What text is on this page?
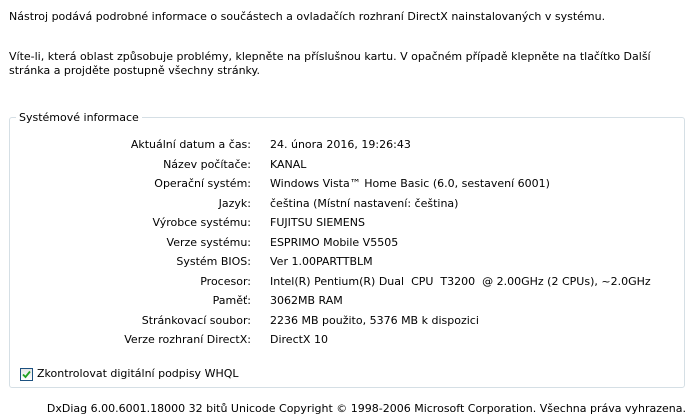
Nástroj podává podrobné informace o součástech a ovladačích rozhraní DirectX nainstalovaných v systému.

Víte-li, která oblast způsobuje problémy, klepněte na příslušnou kartu. V opačném případě klepněte na tlačítko Další stránka a projděte postupně všechny stránky.

Systémové informace
Aktuální datum a čas: 24. února 2016, 19:26:43
Název počítače: KANAL
Operační systém: Windows Vista™ Home Basic (6.0, sestavení 6001)
Jazyk: čeština (Místní nastavení: čeština)
Výrobce systému: FUJITSU SIEMENS
Verze systému: ESPRIMO Mobile V5505
Systém BIOS: Ver 1.00PARTTBLM
Procesor: Intel(R) Pentium(R) Dual  CPU  T3200  @ 2.00GHz (2 CPUs), ~2.0GHz
Paměť: 3062MB RAM
Stránkovací soubor: 2236 MB použito, 5376 MB k dispozici
Verze rozhraní DirectX: DirectX 10
Zkontrolovat digitální podpisy WHQL
DxDiag 6.00.6001.18000 32 bitů Unicode Copyright © 1998-2006 Microsoft Corporation. Všechna práva vyhrazena.
